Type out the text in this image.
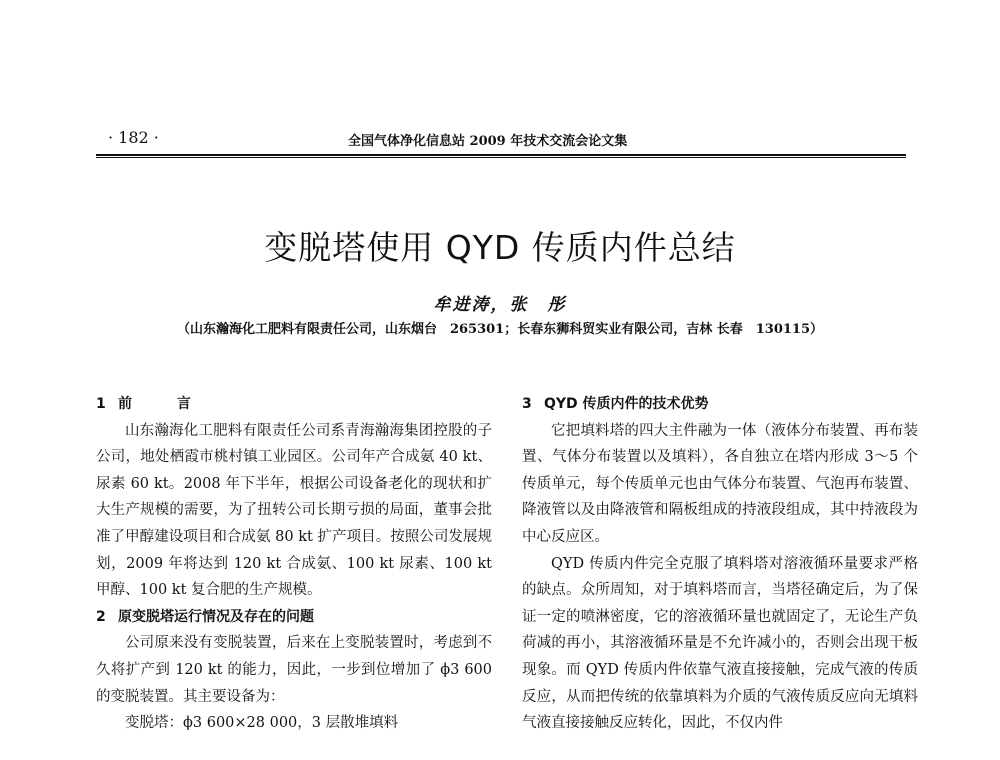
· 182 ·	全国气体净化信息站 2009 年技术交流会论文集
变脱塔使用 QYD 传质内件总结
牟进涛，张　彤
（山东瀚海化工肥料有限责任公司，山东烟台　265301；长春东狮科贸实业有限公司，吉林 长春　130115）
1 前 言

山东瀚海化工肥料有限责任公司系青海瀚海集团控股的子公司，地处栖霞市桃村镇工业园区。公司年产合成氨 40 kt、尿素 60 kt。2008 年下半年，根据公司设备老化的现状和扩大生产规模的需要，为了扭转公司长期亏损的局面，董事会批准了甲醇建设项目和合成氨 80 kt 扩产项目。按照公司发展规划，2009 年将达到 120 kt 合成氨、100 kt 尿素、100 kt 甲醇、100 kt 复合肥的生产规模。

2 原变脱塔运行情况及存在的问题

公司原来没有变脱装置，后来在上变脱装置时，考虑到不久将扩产到 120 kt 的能力，因此，一步到位增加了 ϕ3 600 的变脱装置。其主要设备为：

变脱塔：ϕ3 600×28 000，3 层散堆填料

3 QYD 传质内件的技术优势

它把填料塔的四大主件融为一体（液体分布装置、再布装置、气体分布装置以及填料），各自独立在塔内形成 3～5 个传质单元，每个传质单元也由气体分布装置、气泡再布装置、降液管以及由降液管和隔板组成的持液段组成，其中持液段为中心反应区。

QYD 传质内件完全克服了填料塔对溶液循环量要求严格的缺点。众所周知，对于填料塔而言，当塔径确定后，为了保证一定的喷淋密度，它的溶液循环量也就固定了，无论生产负荷减的再小，其溶液循环量是不允许减小的，否则会出现干板现象。而 QYD 传质内件依靠气液直接接触，完成气液的传质反应，从而把传统的依靠填料为介质的气液传质反应向无填料气液直接接触反应转化，因此，不仅内件
